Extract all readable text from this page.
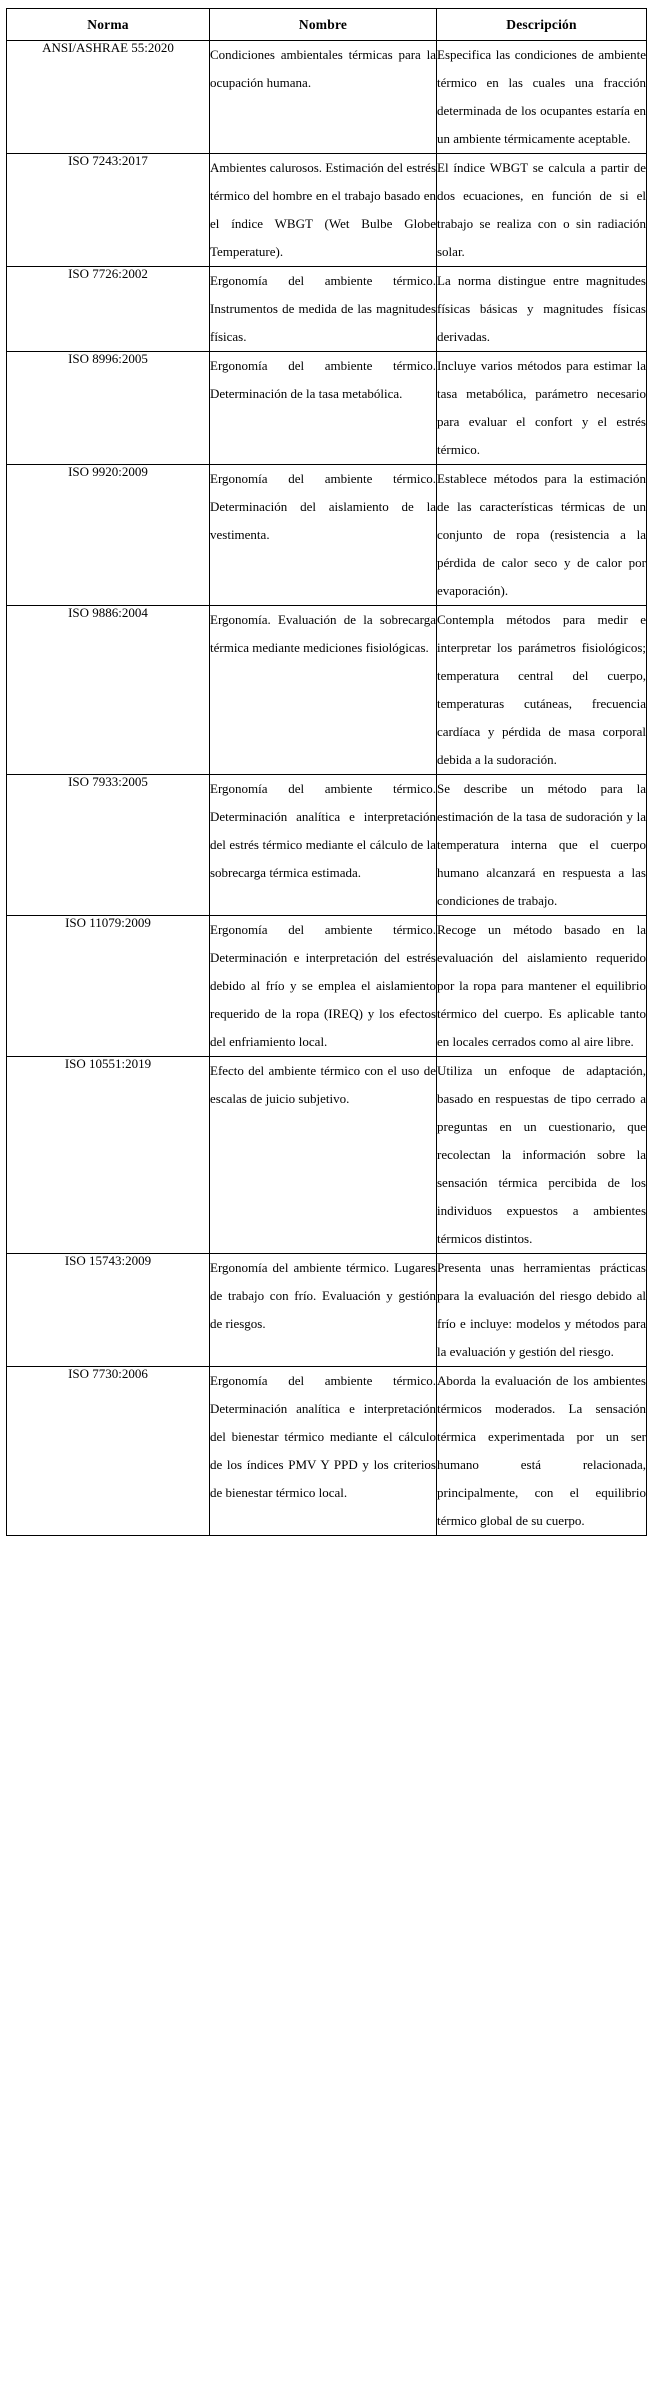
Norma	Nombre	Descripción
ANSI/ASHRAE 55:2020	Condiciones ambientales térmicas para la ocupación humana.	Especifica las condiciones de ambiente térmico en las cuales una fracción determinada de los ocupantes estaría en un ambiente térmicamente aceptable.
ISO 7243:2017	Ambientes calurosos. Estimación del estrés térmico del hombre en el trabajo basado en el índice WBGT (Wet Bulbe Globe Temperature).	El índice WBGT se calcula a partir de dos ecuaciones, en función de si el trabajo se realiza con o sin radiación solar.
ISO 7726:2002	Ergonomía del ambiente térmico. Instrumentos de medida de las magnitudes físicas.	La norma distingue entre magnitudes físicas básicas y magnitudes físicas derivadas.
ISO 8996:2005	Ergonomía del ambiente térmico. Determinación de la tasa metabólica.	Incluye varios métodos para estimar la tasa metabólica, parámetro necesario para evaluar el confort y el estrés térmico.
ISO 9920:2009	Ergonomía del ambiente térmico. Determinación del aislamiento de la vestimenta.	Establece métodos para la estimación de las características térmicas de un conjunto de ropa (resistencia a la pérdida de calor seco y de calor por evaporación).
ISO 9886:2004	Ergonomía. Evaluación de la sobrecarga térmica mediante mediciones fisiológicas.	Contempla métodos para medir e interpretar los parámetros fisiológicos; temperatura central del cuerpo, temperaturas cutáneas, frecuencia cardíaca y pérdida de masa corporal debida a la sudoración.
ISO 7933:2005	Ergonomía del ambiente térmico. Determinación analítica e interpretación del estrés térmico mediante el cálculo de la sobrecarga térmica estimada.	Se describe un método para la estimación de la tasa de sudoración y la temperatura interna que el cuerpo humano alcanzará en respuesta a las condiciones de trabajo.
ISO 11079:2009	Ergonomía del ambiente térmico. Determinación e interpretación del estrés debido al frío y se emplea el aislamiento requerido de la ropa (IREQ) y los efectos del enfriamiento local.	Recoge un método basado en la evaluación del aislamiento requerido por la ropa para mantener el equilibrio térmico del cuerpo. Es aplicable tanto en locales cerrados como al aire libre.
ISO 10551:2019	Efecto del ambiente térmico con el uso de escalas de juicio subjetivo.	Utiliza un enfoque de adaptación, basado en respuestas de tipo cerrado a preguntas en un cuestionario, que recolectan la información sobre la sensación térmica percibida de los individuos expuestos a ambientes térmicos distintos.
ISO 15743:2009	Ergonomía del ambiente térmico. Lugares de trabajo con frío. Evaluación y gestión de riesgos.	Presenta unas herramientas prácticas para la evaluación del riesgo debido al frío e incluye: modelos y métodos para la evaluación y gestión del riesgo.
ISO 7730:2006	Ergonomía del ambiente térmico. Determinación analítica e interpretación del bienestar térmico mediante el cálculo de los índices PMV Y PPD y los criterios de bienestar térmico local.	Aborda la evaluación de los ambientes térmicos moderados. La sensación térmica experimentada por un ser humano está relacionada, principalmente, con el equilibrio térmico global de su cuerpo.
